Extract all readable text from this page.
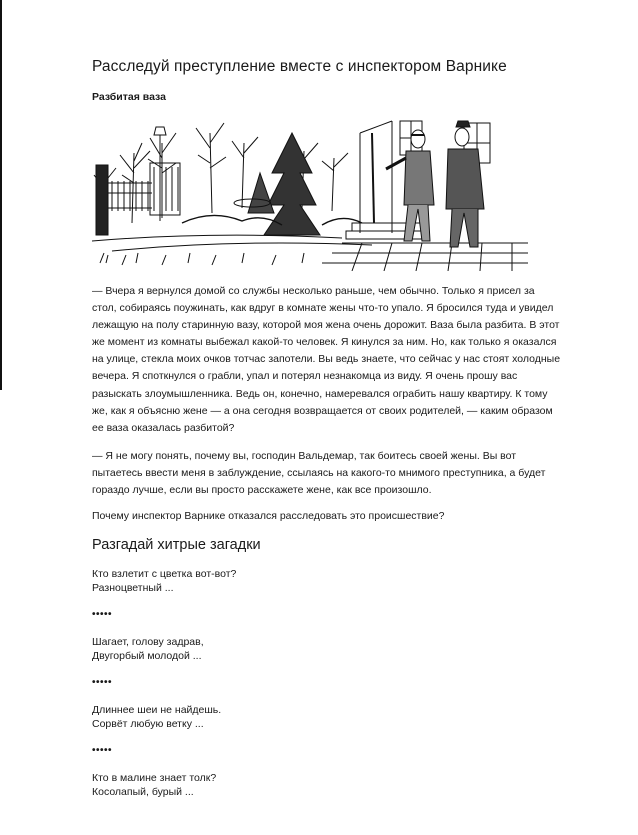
Расследуй преступление вместе с инспектором Варнике
Разбитая ваза

— Вчера я вернулся домой со службы несколько раньше, чем обычно. Только я присел за стол, собираясь поужинать, как вдруг в комнате жены что-то упало. Я бросился туда и увидел лежащую на полу старинную вазу, которой моя жена очень дорожит. Ваза была разбита. В этот же момент из комнаты выбежал какой-то человек. Я кинулся за ним. Но, как только я оказался на улице, стекла моих очков тотчас запотели. Вы ведь знаете, что сейчас у нас стоят холодные вечера. Я споткнулся о грабли, упал и потерял незнакомца из виду. Я очень прошу вас разыскать злоумышленника. Ведь он, конечно, намеревался ограбить нашу квартиру. К тому же, как я объясню жене — а она сегодня возвращается от своих родителей, — каким образом ее ваза оказалась разбитой?

— Я не могу понять, почему вы, господин Вальдемар, так боитесь своей жены. Вы вот пытаетесь ввести меня в заблуждение, ссылаясь на какого-то мнимого преступника, а будет гораздо лучше, если вы просто расскажете жене, как все произошло.

Почему инспектор Варнике отказался расследовать это происшествие?

Разгадай хитрые загадки
Кто взлетит с цветка вот-вот?
Разноцветный ...
•••••
Шагает, голову задрав,
Двугорбый молодой ...
•••••
Длиннее шеи не найдешь.
Сорвёт любую ветку ...
•••••
Кто в малине знает толк?
Косолапый, бурый ...
